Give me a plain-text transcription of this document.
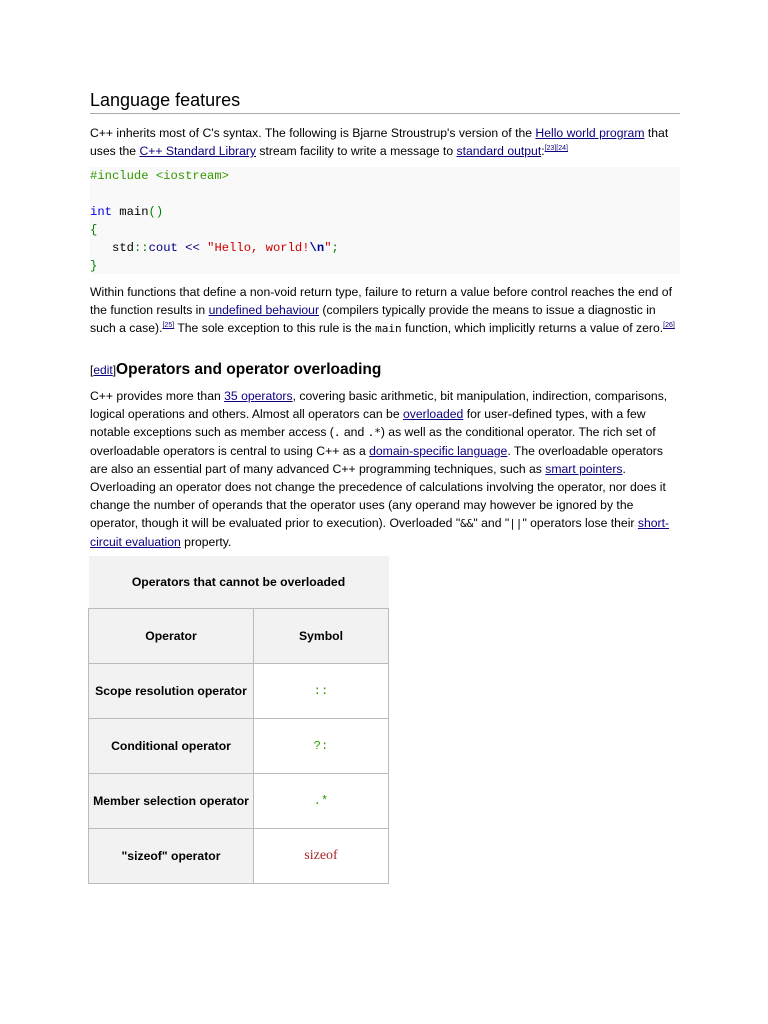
Language features

C++ inherits most of C's syntax. The following is Bjarne Stroustrup's version of the Hello world program that uses the C++ Standard Library stream facility to write a message to standard output:[23][24]

#include <iostream>
int main()
{
std::cout << "Hello, world!\n";
}

Within functions that define a non-void return type, failure to return a value before control reaches the end of the function results in undefined behaviour (compilers typically provide the means to issue a diagnostic in such a case).[25] The sole exception to this rule is the main function, which implicitly returns a value of zero.[26]

[edit]Operators and operator overloading

C++ provides more than 35 operators, covering basic arithmetic, bit manipulation, indirection, comparisons, logical operations and others. Almost all operators can be overloaded for user-defined types, with a few notable exceptions such as member access (. and .*) as well as the conditional operator. The rich set of overloadable operators is central to using C++ as a domain-specific language. The overloadable operators are also an essential part of many advanced C++ programming techniques, such as smart pointers. Overloading an operator does not change the precedence of calculations involving the operator, nor does it change the number of operands that the operator uses (any operand may however be ignored by the operator, though it will be evaluated prior to execution). Overloaded "&&" and "||" operators lose their short-circuit evaluation property.

Operators that cannot be overloaded	
Operator	Symbol
Scope resolution operator	::
Conditional operator	?:
Member selection operator	.*
"sizeof" operator	sizeof
